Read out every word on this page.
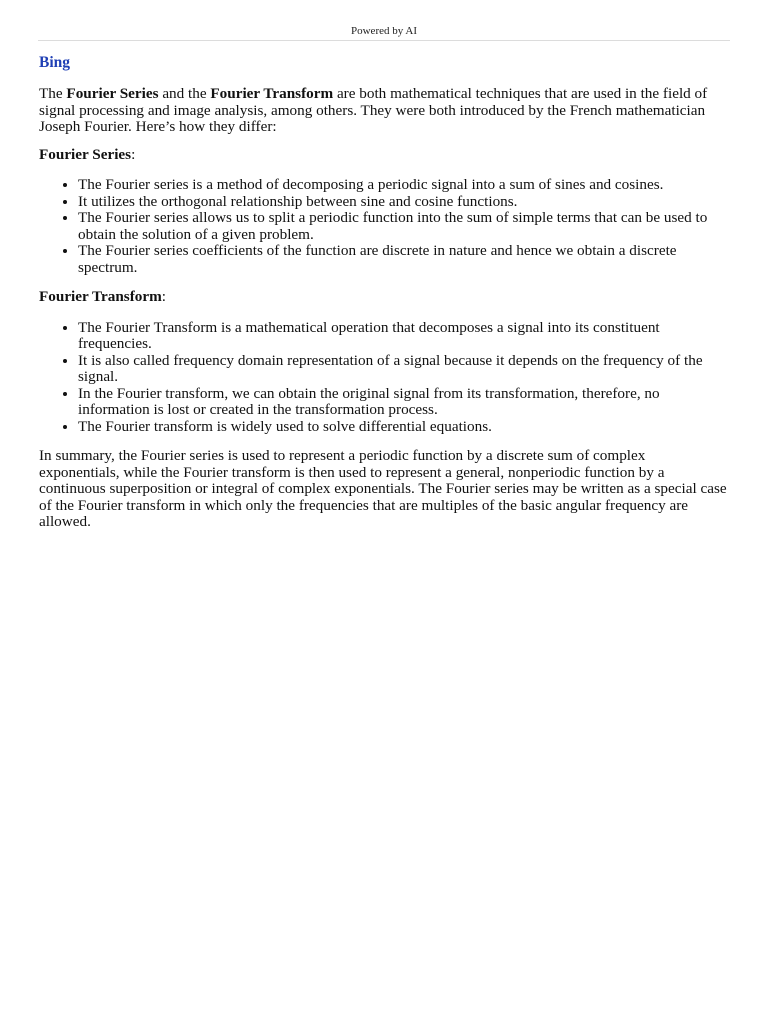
Powered by AI
Bing

The Fourier Series and the Fourier Transform are both mathematical techniques that are used in the field of signal processing and image analysis, among others. They were both introduced by the French mathematician Joseph Fourier. Here’s how they differ:

Fourier Series:

• The Fourier series is a method of decomposing a periodic signal into a sum of sines and cosines.
• It utilizes the orthogonal relationship between sine and cosine functions.
• The Fourier series allows us to split a periodic function into the sum of simple terms that can be used to obtain the solution of a given problem.
• The Fourier series coefficients of the function are discrete in nature and hence we obtain a discrete spectrum.

Fourier Transform:

• The Fourier Transform is a mathematical operation that decomposes a signal into its constituent frequencies.
• It is also called frequency domain representation of a signal because it depends on the frequency of the signal.
• In the Fourier transform, we can obtain the original signal from its transformation, therefore, no information is lost or created in the transformation process.
• The Fourier transform is widely used to solve differential equations.

In summary, the Fourier series is used to represent a periodic function by a discrete sum of complex exponentials, while the Fourier transform is then used to represent a general, nonperiodic function by a continuous superposition or integral of complex exponentials. The Fourier series may be written as a special case of the Fourier transform in which only the frequencies that are multiples of the basic angular frequency are allowed.
